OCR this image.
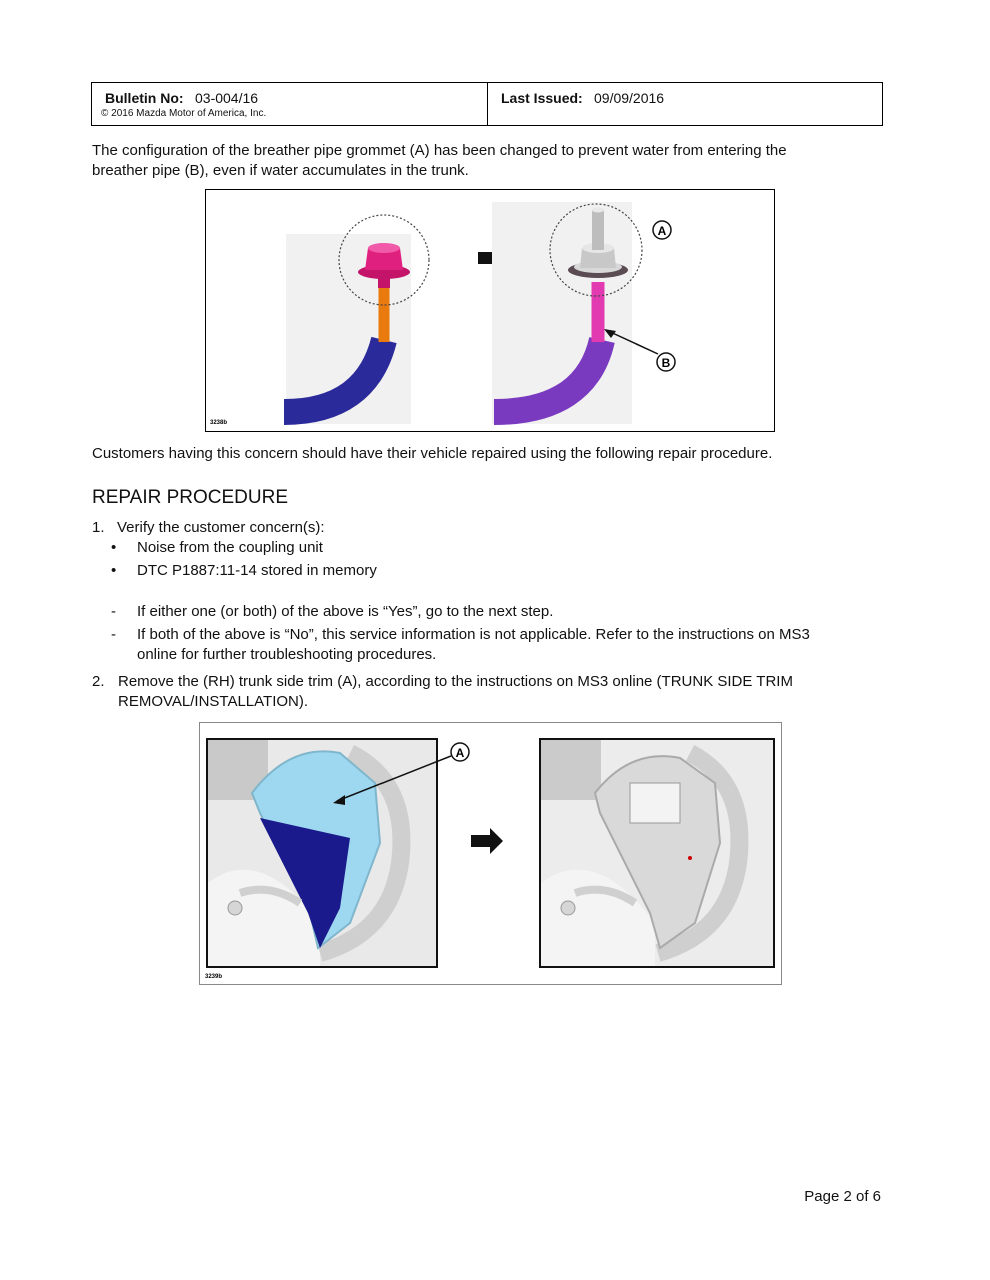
Bulletin No: 03-004/16
© 2016 Mazda Motor of America, Inc.
Last Issued: 09/09/2016
The configuration of the breather pipe grommet (A) has been changed to prevent water from entering the
breather pipe (B), even if water accumulates in the trunk.
A
B
3238b
Customers having this concern should have their vehicle repaired using the following repair procedure.
REPAIR PROCEDURE
1. Verify the customer concern(s):
• Noise from the coupling unit
• DTC P1887:11-14 stored in memory
- If either one (or both) of the above is “Yes”, go to the next step.
- If both of the above is “No”, this service information is not applicable. Refer to the instructions on MS3
online for further troubleshooting procedures.
2. Remove the (RH) trunk side trim (A), according to the instructions on MS3 online (TRUNK SIDE TRIM
REMOVAL/INSTALLATION).
A
3239b
Page 2 of 6
